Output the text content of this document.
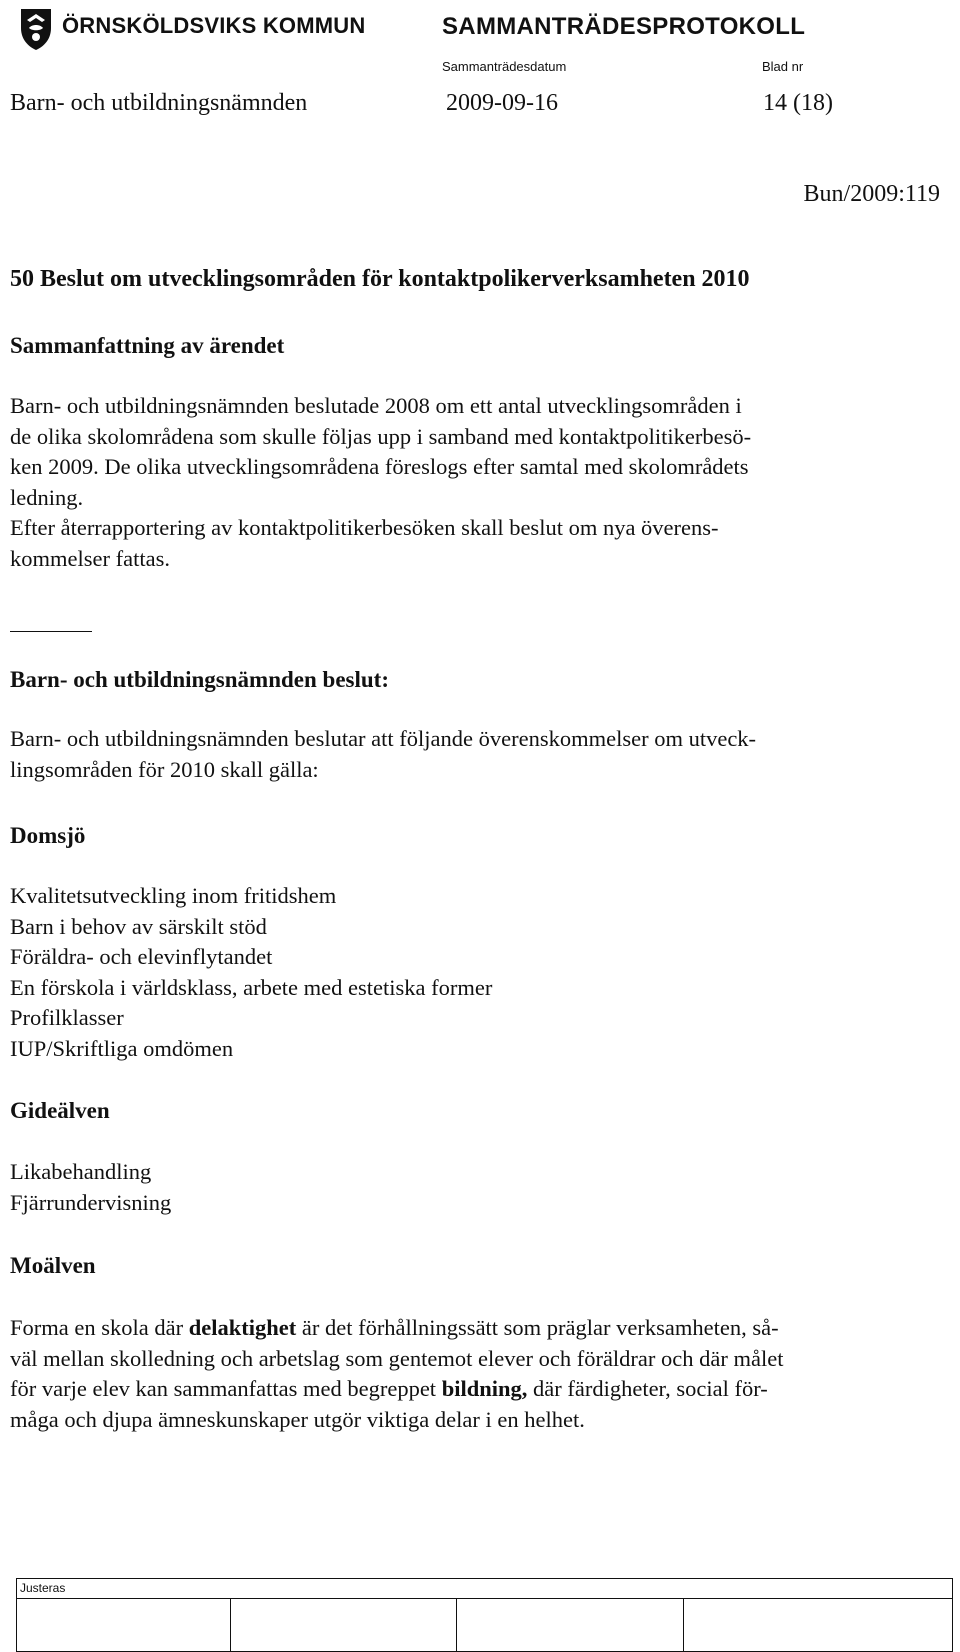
ÖRNSKÖLDSVIKS KOMMUN	SAMMANTRÄDESPROTOKOLL
Sammanträdesdatum	Blad nr
Barn- och utbildningsnämnden	2009-09-16	14 (18)
Bun/2009:119
50 Beslut om utvecklingsområden för kontaktpolikerverksamheten 2010
Sammanfattning av ärendet
Barn- och utbildningsnämnden beslutade 2008 om ett antal utvecklingsområden i
de olika skolområdena som skulle följas upp i samband med kontaktpolitikerbesö-
ken 2009. De olika utvecklingsområdena föreslogs efter samtal med skolområdets
ledning.
Efter återrapportering av kontaktpolitikerbesöken skall beslut om nya överens-
kommelser fattas.
Barn- och utbildningsnämnden beslut:
Barn- och utbildningsnämnden beslutar att följande överenskommelser om utveck-
lingsområden för 2010 skall gälla:
Domsjö
Kvalitetsutveckling inom fritidshem
Barn i behov av särskilt stöd
Föräldra- och elevinflytandet
En förskola i världsklass, arbete med estetiska former
Profilklasser
IUP/Skriftliga omdömen
Gideälven
Likabehandling
Fjärrundervisning
Moälven
Forma en skola där delaktighet är det förhållningssätt som präglar verksamheten, så-
väl mellan skolledning och arbetslag som gentemot elever och föräldrar och där målet
för varje elev kan sammanfattas med begreppet bildning, där färdigheter, social för-
måga och djupa ämneskunskaper utgör viktiga delar i en helhet.
Justeras
